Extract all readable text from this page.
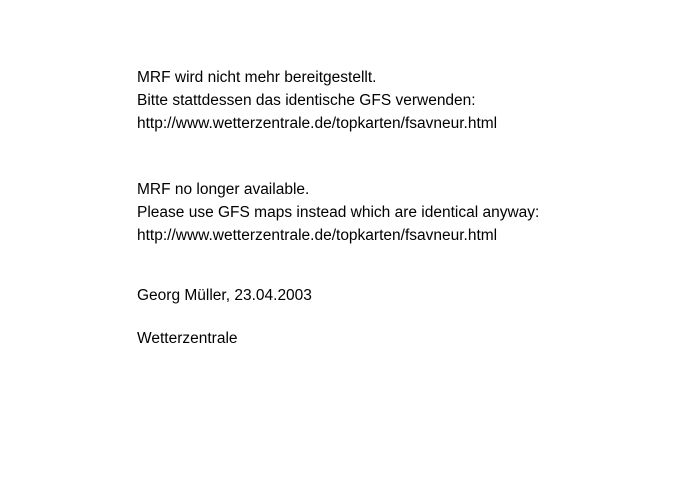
MRF wird nicht mehr bereitgestellt.
Bitte stattdessen das identische GFS verwenden:
http://www.wetterzentrale.de/topkarten/fsavneur.html
MRF no longer available.
Please use GFS maps instead which are identical anyway:
http://www.wetterzentrale.de/topkarten/fsavneur.html
Georg Müller, 23.04.2003
Wetterzentrale
